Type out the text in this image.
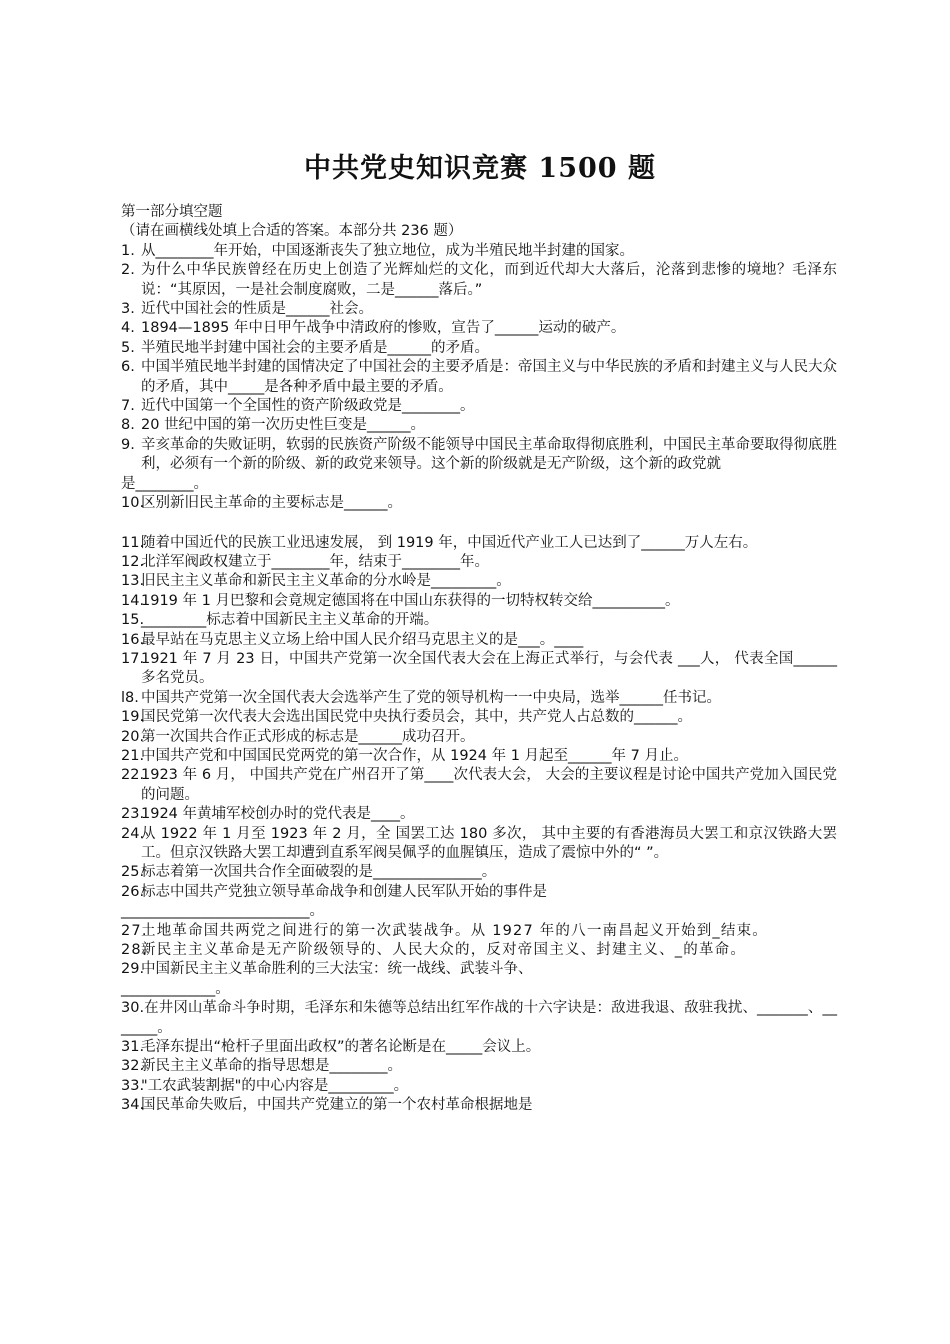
中共党史知识竞赛 1500 题
第一部分填空题
（请在画横线处填上合适的答案。本部分共 236 题）
1. 从________年开始，中国逐渐丧失了独立地位，成为半殖民地半封建的国家。
2. 为什么中华民族曾经在历史上创造了光辉灿烂的文化，而到近代却大大落后，沦落到悲惨的境地？毛泽东说：“其原因，一是社会制度腐败，二是______落后。”
3. 近代中国社会的性质是______社会。
4. 1894—1895 年中日甲午战争中清政府的惨败，宣告了______运动的破产。
5. 半殖民地半封建中国社会的主要矛盾是______的矛盾。
6. 中国半殖民地半封建的国情决定了中国社会的主要矛盾是：帝国主义与中华民族的矛盾和封建主义与人民大众的矛盾，其中_____是各种矛盾中最主要的矛盾。
7. 近代中国第一个全国性的资产阶级政党是________。
8. 20 世纪中国的第一次历史性巨变是______。
9. 辛亥革命的失败证明，软弱的民族资产阶级不能领导中国民主革命取得彻底胜利，中国民主革命要取得彻底胜利，必须有一个新的阶级、新的政党来领导。这个新的阶级就是无产阶级，这个新的政党就
是________。
10.
区别新旧民主革命的主要标志是______。
11.
随着中国近代的民族工业迅速发展， 到 1919 年，中国近代产业工人已达到了______万人左右。
12.
北洋军阀政权建立于________年，结束于________年。
13.
旧民主主义革命和新民主主义革命的分水岭是_________。
14.
1919 年 1 月巴黎和会竟规定德国将在中国山东获得的一切特权转交给__________。
15.
_________标志着中国新民主主义革命的开端。
16.
最早站在马克思主义立场上给中国人民介绍马克思主义的是___。____
17.
1921 年 7 月 23 日，中国共产党第一次全国代表大会在上海正式举行，与会代表 ___人， 代表全国______多名党员。
l8. 中国共产党第一次全国代表大会选举产生了党的领导机构一一中央局，选举______任书记。
19.
国民党第一次代表大会选出国民党中央执行委员会，其中，共产党人占总数的______。
20.
第一次国共合作正式形成的标志是______成功召开。
21.
中国共产党和中国国民党两党的第一次合作，从 1924 年 1 月起至______年 7 月止。
22.
1923 年 6 月， 中国共产党在广州召开了第____次代表大会， 大会的主要议程是讨论中国共产党加入国民党的问题。
23.
1924 年黄埔军校创办时的党代表是____。
24.
从 1922 年 1 月至 1923 年 2 月，全 国罢工达 180 多次， 其中主要的有香港海员大罢工和京汉铁路大罢工。但京汉铁路大罢工却遭到直系军阀吴佩孚的血腥镇压，造成了震惊中外的“ ”。
25.
标志着第一次国共合作全面破裂的是_______________。
26.
标志中国共产党独立领导革命战争和创建人民军队开始的事件是
__________________________。
27.
土地革命国共两党之间进行的第一次武装战争。从 1927 年的八一南昌起义开始到_结束。
28.
新民主主义革命是无产阶级领导的、人民大众的，反对帝国主义、封建主义、_的革命。
29.
中国新民主主义革命胜利的三大法宝：统一战线、武装斗争、
_____________。
30.在井冈山革命斗争时期，毛泽东和朱德等总结出红军作战的十六字诀是：敌进我退、敌驻我扰、_______、_______。
31.
毛泽东提出“枪杆子里面出政权”的著名论断是在_____会议上。
32.
新民主主义革命的指导思想是________。
33.
"工农武装割据"的中心内容是_________。
34.
国民革命失败后，中国共产党建立的第一个农村革命根据地是
